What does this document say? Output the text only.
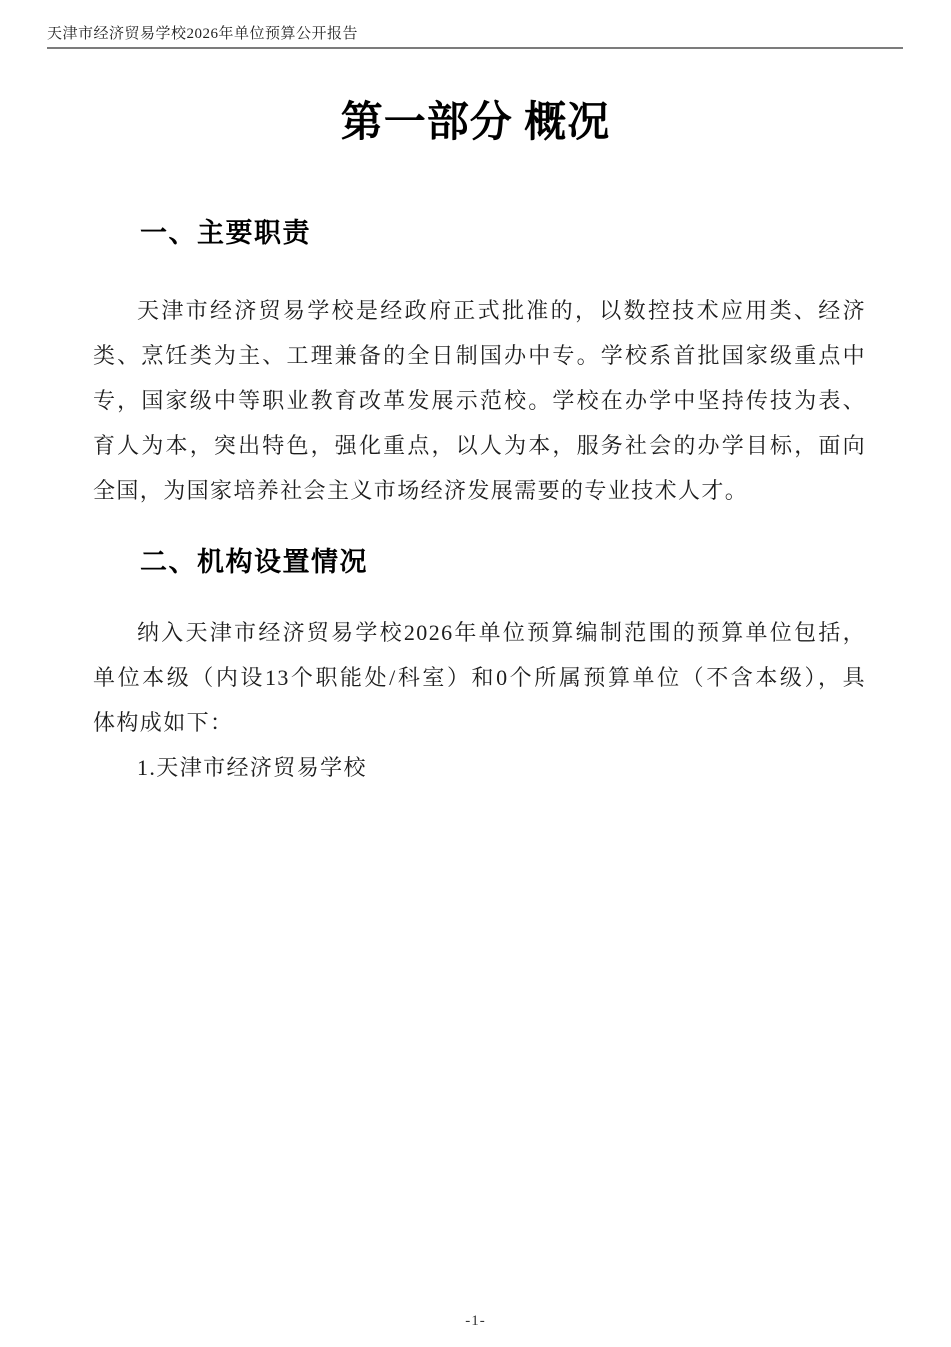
天津市经济贸易学校2026年单位预算公开报告
第一部分 概况
一、主要职责
天津市经济贸易学校是经政府正式批准的，以数控技术应用类、经济
类、烹饪类为主、工理兼备的全日制国办中专。学校系首批国家级重点中
专，国家级中等职业教育改革发展示范校。学校在办学中坚持传技为表、
育人为本，突出特色，强化重点，以人为本，服务社会的办学目标，面向
全国，为国家培养社会主义市场经济发展需要的专业技术人才。
二、机构设置情况
纳入天津市经济贸易学校2026年单位预算编制范围的预算单位包括，
单位本级（内设13个职能处/科室）和0个所属预算单位（不含本级），具
体构成如下：
1.天津市经济贸易学校
-1-
